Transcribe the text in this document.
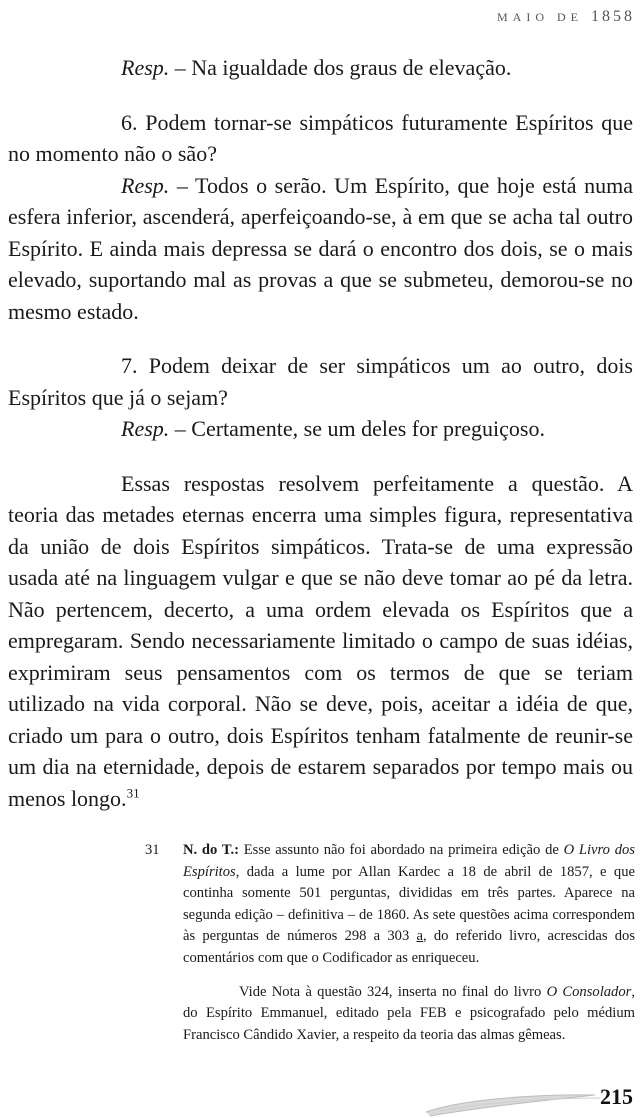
MAIO DE 1858

Resp. – Na igualdade dos graus de elevação.

6. Podem tornar-se simpáticos futuramente Espíritos que no momento não o são?

Resp. – Todos o serão. Um Espírito, que hoje está numa esfera inferior, ascenderá, aperfeiçoando-se, à em que se acha tal outro Espírito. E ainda mais depressa se dará o encontro dos dois, se o mais elevado, suportando mal as provas a que se submeteu, demorou-se no mesmo estado.

7. Podem deixar de ser simpáticos um ao outro, dois Espíritos que já o sejam?

Resp. – Certamente, se um deles for preguiçoso.

Essas respostas resolvem perfeitamente a questão. A teoria das metades eternas encerra uma simples figura, representativa da união de dois Espíritos simpáticos. Trata-se de uma expressão usada até na linguagem vulgar e que se não deve tomar ao pé da letra. Não pertencem, decerto, a uma ordem elevada os Espíritos que a empregaram. Sendo necessariamente limitado o campo de suas idéias, exprimiram seus pensamentos com os termos de que se teriam utilizado na vida corporal. Não se deve, pois, aceitar a idéia de que, criado um para o outro, dois Espíritos tenham fatalmente de reunir-se um dia na eternidade, depois de estarem separados por tempo mais ou menos longo.$^{31}$

31 N. do T.: Esse assunto não foi abordado na primeira edição de O Livro dos Espíritos, dada a lume por Allan Kardec a 18 de abril de 1857, e que continha somente 501 perguntas, divididas em três partes. Aparece na segunda edição – definitiva – de 1860. As sete questões acima correspondem às perguntas de números 298 a 303 a, do referido livro, acrescidas dos comentários com que o Codificador as enriqueceu.

Vide Nota à questão 324, inserta no final do livro O Consolador, do Espírito Emmanuel, editado pela FEB e psicografado pelo médium Francisco Cândido Xavier, a respeito da teoria das almas gêmeas.

215
